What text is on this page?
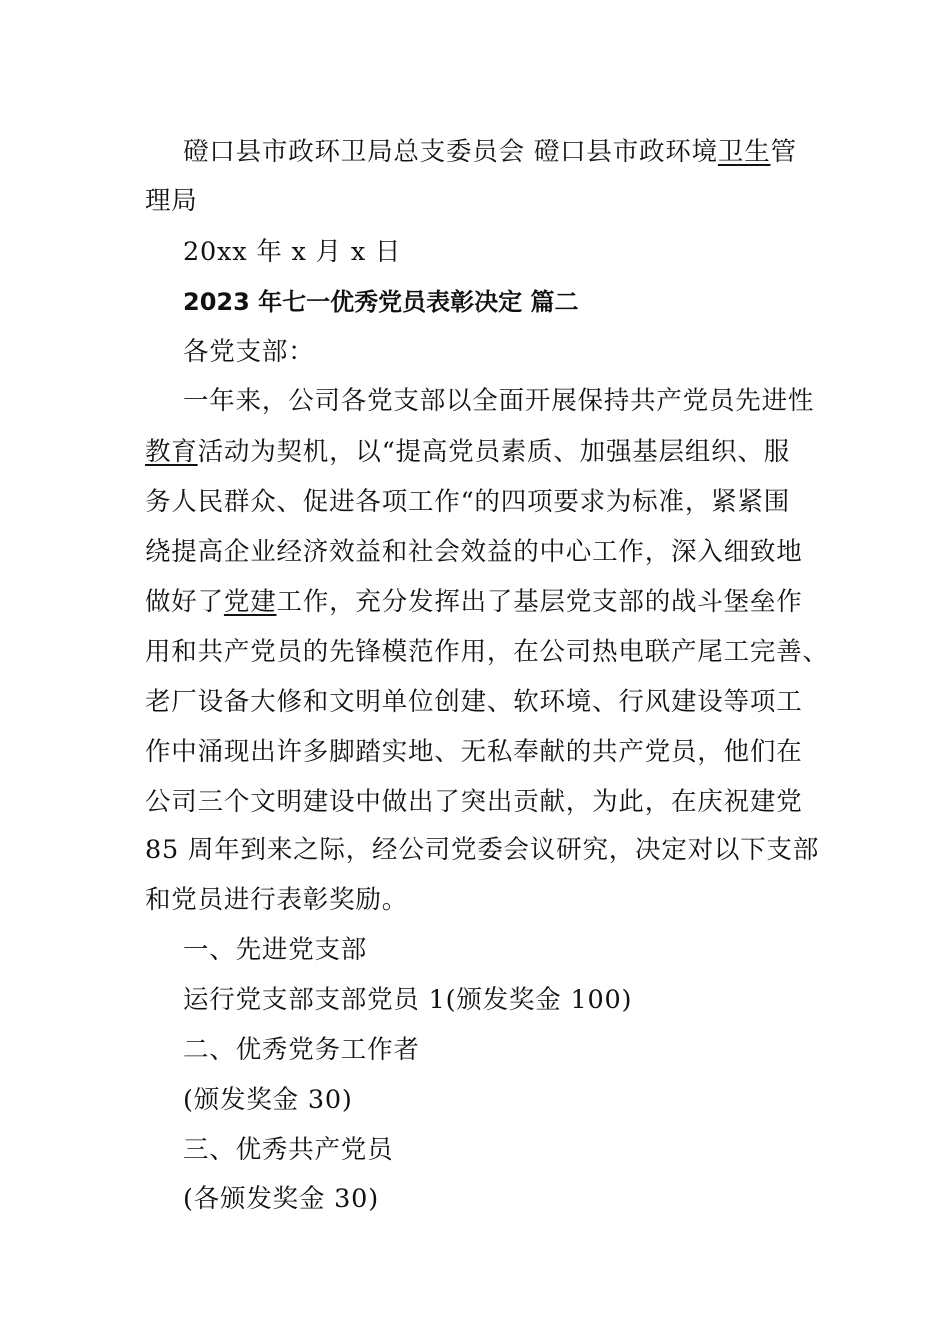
磴口县市政环卫局总支委员会 磴口县市政环境卫生管
理局
20xx 年 x 月 x 日
2023 年七一优秀党员表彰决定 篇二
各党支部：
一年来，公司各党支部以全面开展保持共产党员先进性
教育活动为契机，以“提高党员素质、加强基层组织、服
务人民群众、促进各项工作“的四项要求为标准，紧紧围
绕提高企业经济效益和社会效益的中心工作，深入细致地
做好了党建工作，充分发挥出了基层党支部的战斗堡垒作
用和共产党员的先锋模范作用，在公司热电联产尾工完善、
老厂设备大修和文明单位创建、软环境、行风建设等项工
作中涌现出许多脚踏实地、无私奉献的共产党员，他们在
公司三个文明建设中做出了突出贡献，为此，在庆祝建党
85 周年到来之际，经公司党委会议研究，决定对以下支部
和党员进行表彰奖励。
一、先进党支部
运行党支部支部党员 1(颁发奖金 100)
二、优秀党务工作者
(颁发奖金 30)
三、优秀共产党员
(各颁发奖金 30)
